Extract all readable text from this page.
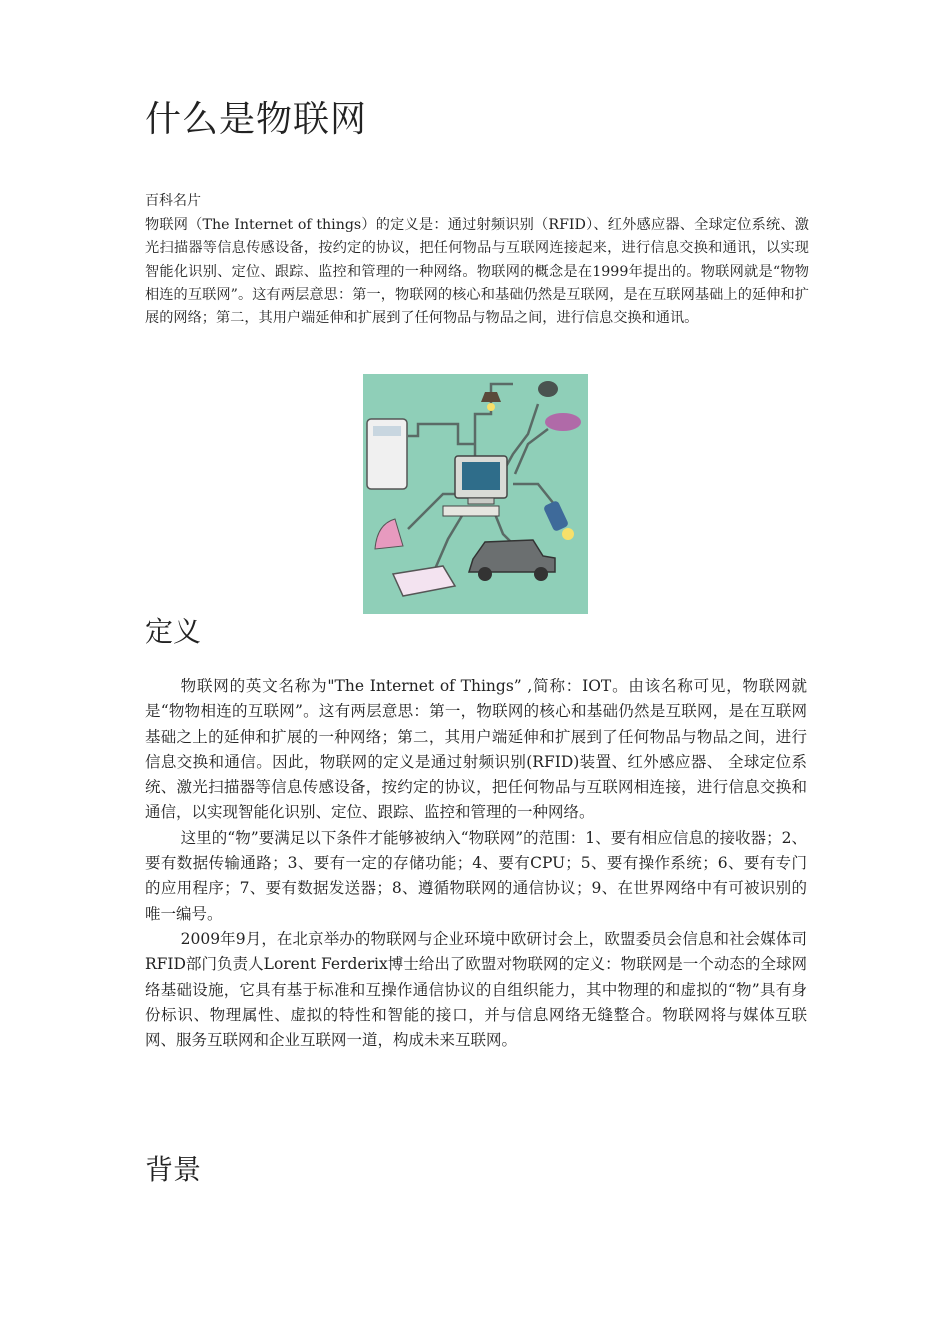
什么是物联网
百科名片

物联网（The Internet of things）的定义是：通过射频识别（RFID）、红外感应器、全球定位系统、激光扫描器等信息传感设备，按约定的协议，把任何物品与互联网连接起来，进行信息交换和通讯，以实现智能化识别、定位、跟踪、监控和管理的一种网络。物联网的概念是在1999年提出的。物联网就是“物物相连的互联网”。这有两层意思：第一，物联网的核心和基础仍然是互联网，是在互联网基础上的延伸和扩展的网络；第二，其用户端延伸和扩展到了任何物品与物品之间，进行信息交换和通讯。

定义

物联网的英文名称为"The Internet of Things” ,简称：IOT。由该名称可见，物联网就是“物物相连的互联网”。这有两层意思：第一，物联网的核心和基础仍然是互联网，是在互联网基础之上的延伸和扩展的一种网络；第二，其用户端延伸和扩展到了任何物品与物品之间，进行信息交换和通信。因此，物联网的定义是通过射频识别(RFID)装置、红外感应器、 全球定位系统、激光扫描器等信息传感设备，按约定的协议，把任何物品与互联网相连接，进行信息交换和通信，以实现智能化识别、定位、跟踪、监控和管理的一种网络。

这里的“物”要满足以下条件才能够被纳入“物联网”的范围：1、要有相应信息的接收器；2、要有数据传输通路；3、要有一定的存储功能；4、要有CPU；5、要有操作系统；6、要有专门的应用程序；7、要有数据发送器；8、遵循物联网的通信协议；9、在世界网络中有可被识别的唯一编号。

2009年9月，在北京举办的物联网与企业环境中欧研讨会上，欧盟委员会信息和社会媒体司RFID部门负责人Lorent Ferderix博士给出了欧盟对物联网的定义：物联网是一个动态的全球网络基础设施，它具有基于标准和互操作通信协议的自组织能力，其中物理的和虚拟的“物”具有身份标识、物理属性、虚拟的特性和智能的接口，并与信息网络无缝整合。物联网将与媒体互联网、服务互联网和企业互联网一道，构成未来互联网。

背景
